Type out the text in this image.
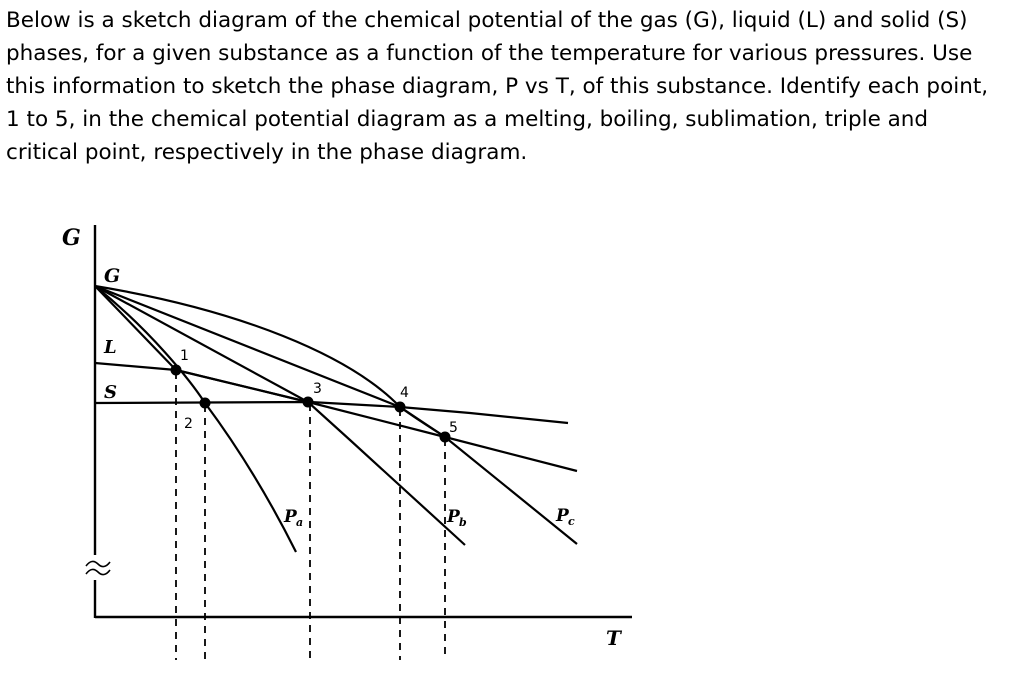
Below is a sketch diagram of the chemical potential of the gas (G), liquid (L) and solid (S) phases, for a given substance as a function of the temperature for various pressures. Use this information to sketch the phase diagram, P vs T, of this substance. Identify each point, 1 to 5, in the chemical potential diagram as a melting, boiling, sublimation, triple and critical point, respectively in the phase diagram.

G
T
G
L
S
1
2
3	4
5
P a	P b	P c
